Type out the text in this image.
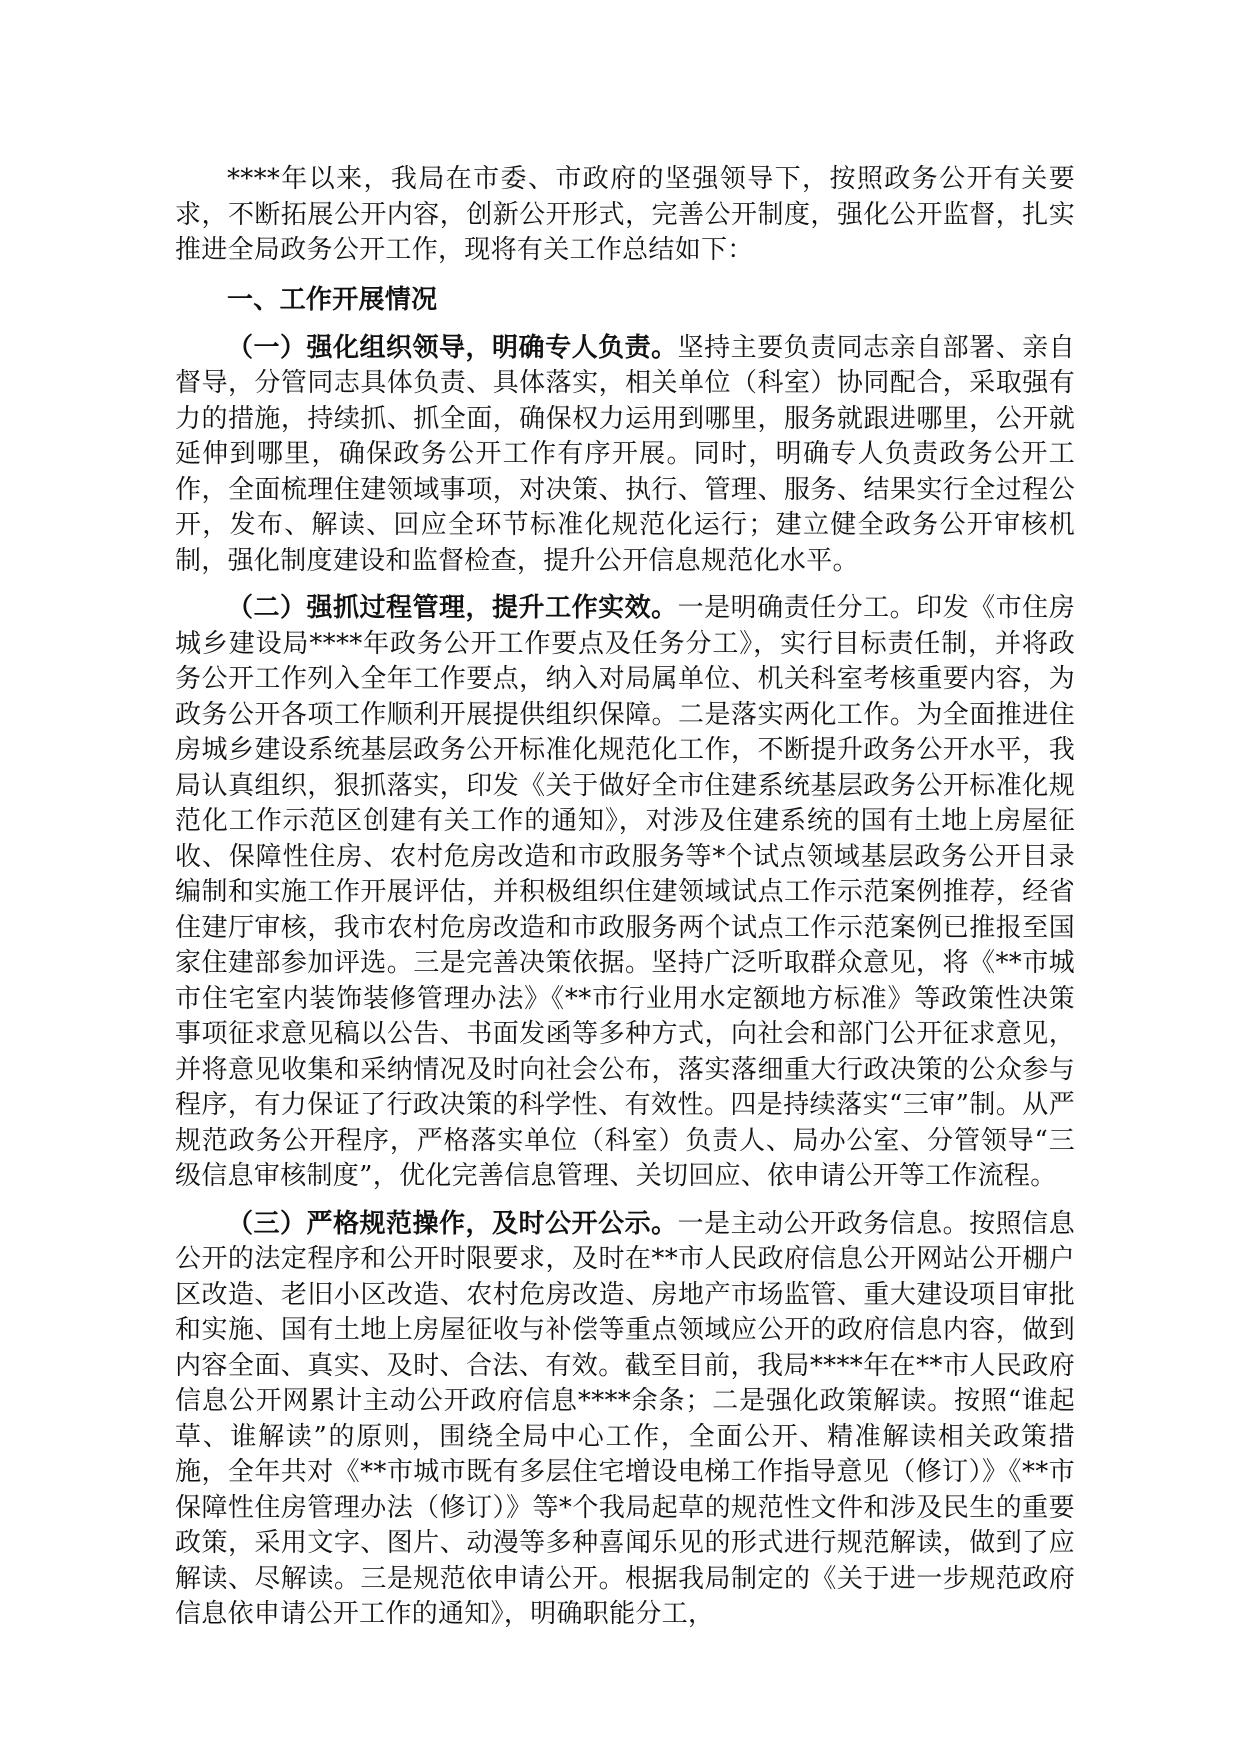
****年以来，我局在市委、市政府的坚强领导下，按照政务公开有关要求，不断拓展公开内容，创新公开形式，完善公开制度，强化公开监督，扎实推进全局政务公开工作，现将有关工作总结如下：

一、工作开展情况

（一）强化组织领导，明确专人负责。坚持主要负责同志亲自部署、亲自督导，分管同志具体负责、具体落实，相关单位（科室）协同配合，采取强有力的措施，持续抓、抓全面，确保权力运用到哪里，服务就跟进哪里，公开就延伸到哪里，确保政务公开工作有序开展。同时，明确专人负责政务公开工作，全面梳理住建领域事项，对决策、执行、管理、服务、结果实行全过程公开，发布、解读、回应全环节标准化规范化运行；建立健全政务公开审核机制，强化制度建设和监督检查，提升公开信息规范化水平。

（二）强抓过程管理，提升工作实效。一是明确责任分工。印发《市住房城乡建设局****年政务公开工作要点及任务分工》，实行目标责任制，并将政务公开工作列入全年工作要点，纳入对局属单位、机关科室考核重要内容，为政务公开各项工作顺利开展提供组织保障。二是落实两化工作。为全面推进住房城乡建设系统基层政务公开标准化规范化工作，不断提升政务公开水平，我局认真组织，狠抓落实，印发《关于做好全市住建系统基层政务公开标准化规范化工作示范区创建有关工作的通知》，对涉及住建系统的国有土地上房屋征收、保障性住房、农村危房改造和市政服务等*个试点领域基层政务公开目录编制和实施工作开展评估，并积极组织住建领域试点工作示范案例推荐，经省住建厅审核，我市农村危房改造和市政服务两个试点工作示范案例已推报至国家住建部参加评选。三是完善决策依据。坚持广泛听取群众意见，将《**市城市住宅室内装饰装修管理办法》《**市行业用水定额地方标准》等政策性决策事项征求意见稿以公告、书面发函等多种方式，向社会和部门公开征求意见，并将意见收集和采纳情况及时向社会公布，落实落细重大行政决策的公众参与程序，有力保证了行政决策的科学性、有效性。四是持续落实“三审”制。从严规范政务公开程序，严格落实单位（科室）负责人、局办公室、分管领导“三级信息审核制度”，优化完善信息管理、关切回应、依申请公开等工作流程。

（三）严格规范操作，及时公开公示。一是主动公开政务信息。按照信息公开的法定程序和公开时限要求，及时在**市人民政府信息公开网站公开棚户区改造、老旧小区改造、农村危房改造、房地产市场监管、重大建设项目审批和实施、国有土地上房屋征收与补偿等重点领域应公开的政府信息内容，做到内容全面、真实、及时、合法、有效。截至目前，我局****年在**市人民政府信息公开网累计主动公开政府信息****余条；二是强化政策解读。按照“谁起草、谁解读”的原则，围绕全局中心工作，全面公开、精准解读相关政策措施，全年共对《**市城市既有多层住宅增设电梯工作指导意见（修订）》《**市保障性住房管理办法（修订）》等*个我局起草的规范性文件和涉及民生的重要政策，采用文字、图片、动漫等多种喜闻乐见的形式进行规范解读，做到了应解读、尽解读。三是规范依申请公开。根据我局制定的《关于进一步规范政府信息依申请公开工作的通知》，明确职能分工，
